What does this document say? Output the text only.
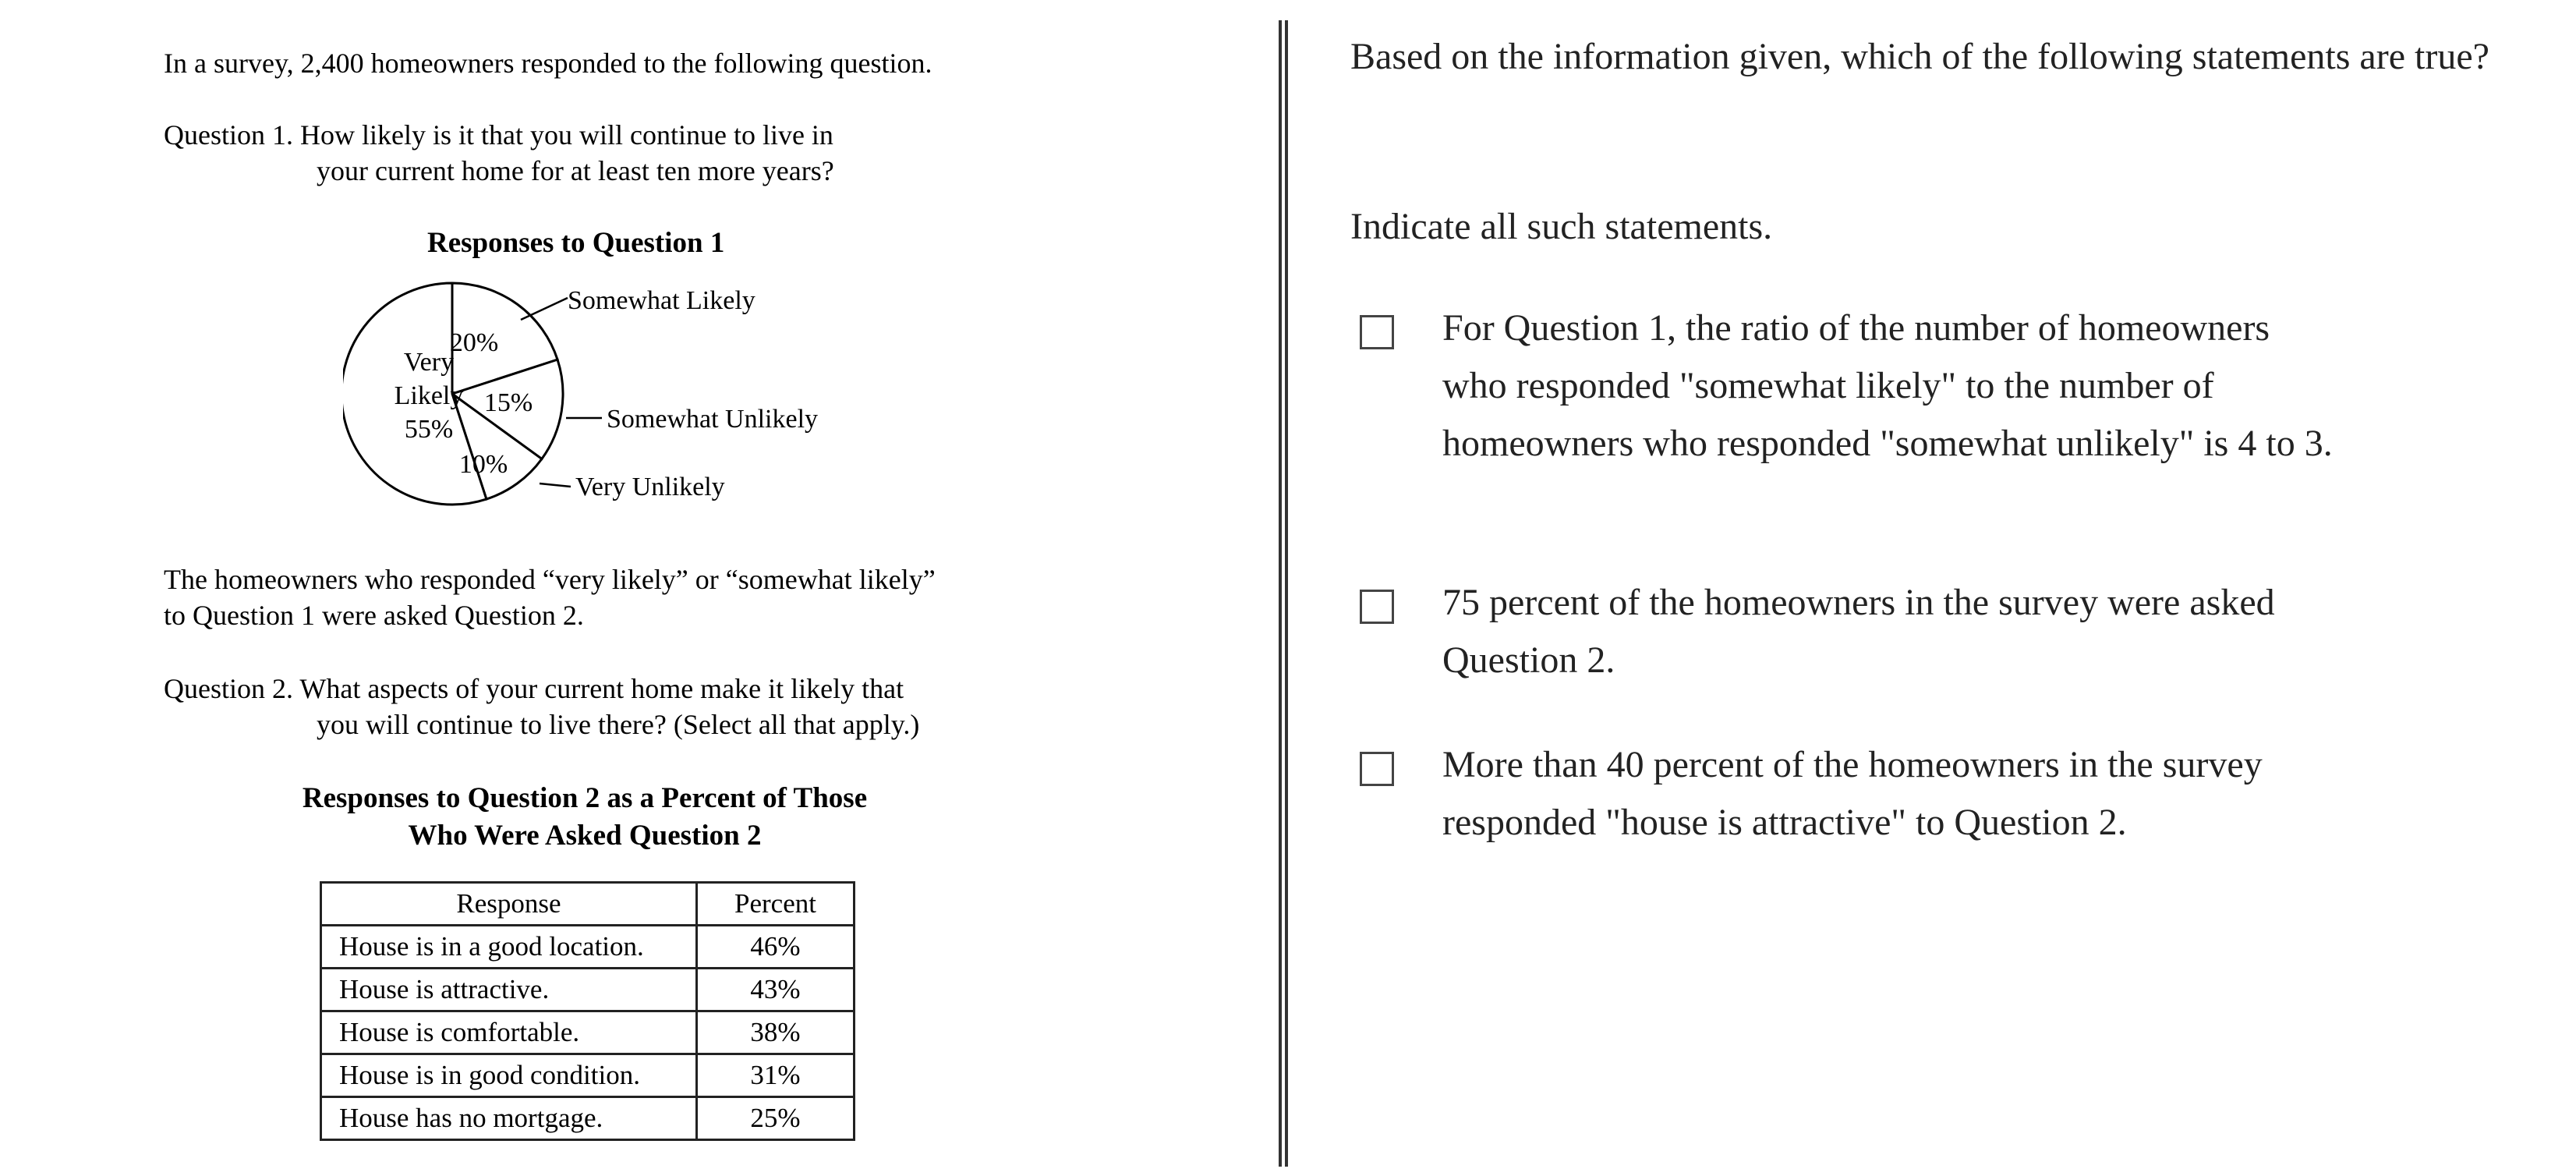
In a survey, 2,400 homeowners responded to the following question.
Question 1. How likely is it that you will continue to live in
your current home for at least ten more years?
Responses to Question 1
Very
Likely
55%
20%
15%
10%
Somewhat Likely
Somewhat Unlikely
Very Unlikely
The homeowners who responded “very likely” or “somewhat likely”
to Question 1 were asked Question 2.
Question 2. What aspects of your current home make it likely that
you will continue to live there? (Select all that apply.)
Responses to Question 2 as a Percent of Those
Who Were Asked Question 2
Response	Percent
House is in a good location.	46%
House is attractive.	43%
House is comfortable.	38%
House is in good condition.	31%
House has no mortgage.	25%
Based on the information given, which of the following statements are true?
Indicate all such statements.
For Question 1, the ratio of the number of homeowners who responded "somewhat likely" to the number of homeowners who responded "somewhat unlikely" is 4 to 3.
75 percent of the homeowners in the survey were asked Question 2.
More than 40 percent of the homeowners in the survey responded "house is attractive" to Question 2.
